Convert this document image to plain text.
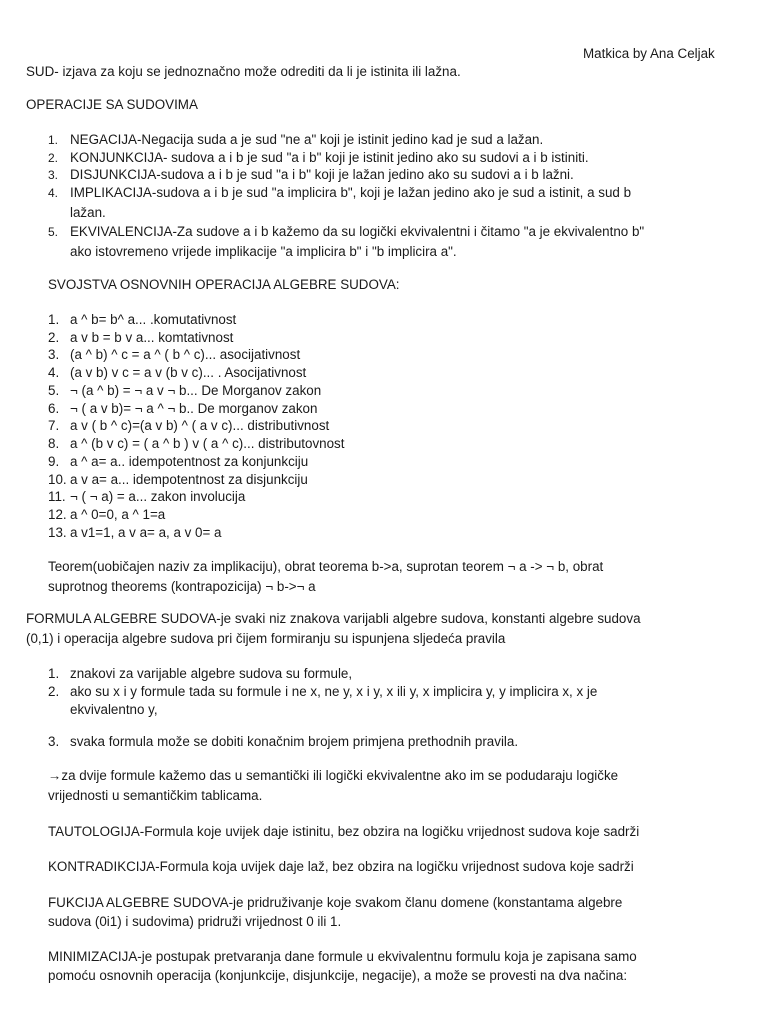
Matkica by Ana Celjak
SUD- izjava za koju se jednoznačno može odrediti da li je istinita ili lažna.
OPERACIJE SA SUDOVIMA
1. NEGACIJA-Negacija suda a je sud "ne a" koji je istinit jedino kad je sud a lažan.
2. KONJUNKCIJA- sudova a i b je sud "a i b" koji je istinit jedino ako su sudovi a i b istiniti.
3. DISJUNKCIJA-sudova a i b je sud "a i b" koji je lažan jedino ako su sudovi a i b lažni.
4. IMPLIKACIJA-sudova a i b je sud "a implicira b", koji je lažan jedino ako je sud a istinit, a sud b
lažan.
5. EKVIVALENCIJA-Za sudove a i b kažemo da su logički ekvivalentni i čitamo "a je ekvivalentno b"
ako istovremeno vrijede implikacije "a implicira b" i "b implicira a".
SVOJSTVA OSNOVNIH OPERACIJA ALGEBRE SUDOVA:
1. a ^ b= b^ a... .komutativnost
2. a v b = b v a... komtativnost
3. (a ^ b) ^ c = a ^ ( b ^ c)... asocijativnost
4. (a v b) v c = a v (b v c)... . Asocijativnost
5. ¬ (a ^ b) = ¬ a v ¬ b... De Morganov zakon
6. ¬ ( a v b)= ¬ a ^ ¬ b.. De morganov zakon
7. a v ( b ^ c)=(a v b) ^ ( a v c)... distributivnost
8. a ^ (b v c) = ( a ^ b ) v ( a ^ c)... distributovnost
9. a ^ a= a.. idempotentnost za konjunkciju
10. a v a= a... idempotentnost za disjunkciju
11. ¬ ( ¬ a) = a... zakon involucija
12. a ^ 0=0, a ^ 1=a
13. a v1=1, a v a= a, a v 0= a
Teorem(uobičajen naziv za implikaciju), obrat teorema b->a, suprotan teorem ¬ a -> ¬ b, obrat
suprotnog theorems (kontrapozicija) ¬ b->¬ a
FORMULA ALGEBRE SUDOVA-je svaki niz znakova varijabli algebre sudova, konstanti algebre sudova
(0,1) i operacija algebre sudova pri čijem formiranju su ispunjena sljedeća pravila
1. znakovi za varijable algebre sudova su formule,
2. ako su x i y formule tada su formule i ne x, ne y, x i y, x ili y, x implicira y, y implicira x, x je
ekvivalentno y,
3. svaka formula može se dobiti konačnim brojem primjena prethodnih pravila.
→za dvije formule kažemo das u semantički ili logički ekvivalentne ako im se podudaraju logičke
vrijednosti u semantičkim tablicama.
TAUTOLOGIJA-Formula koje uvijek daje istinitu, bez obzira na logičku vrijednost sudova koje sadrži
KONTRADIKCIJA-Formula koja uvijek daje laž, bez obzira na logičku vrijednost sudova koje sadrži
FUKCIJA ALGEBRE SUDOVA-je pridruživanje koje svakom članu domene (konstantama algebre
sudova (0i1) i sudovima) pridruži vrijednost 0 ili 1.
MINIMIZACIJA-je postupak pretvaranja dane formule u ekvivalentnu formulu koja je zapisana samo
pomoću osnovnih operacija (konjunkcije, disjunkcije, negacije), a može se provesti na dva načina:
